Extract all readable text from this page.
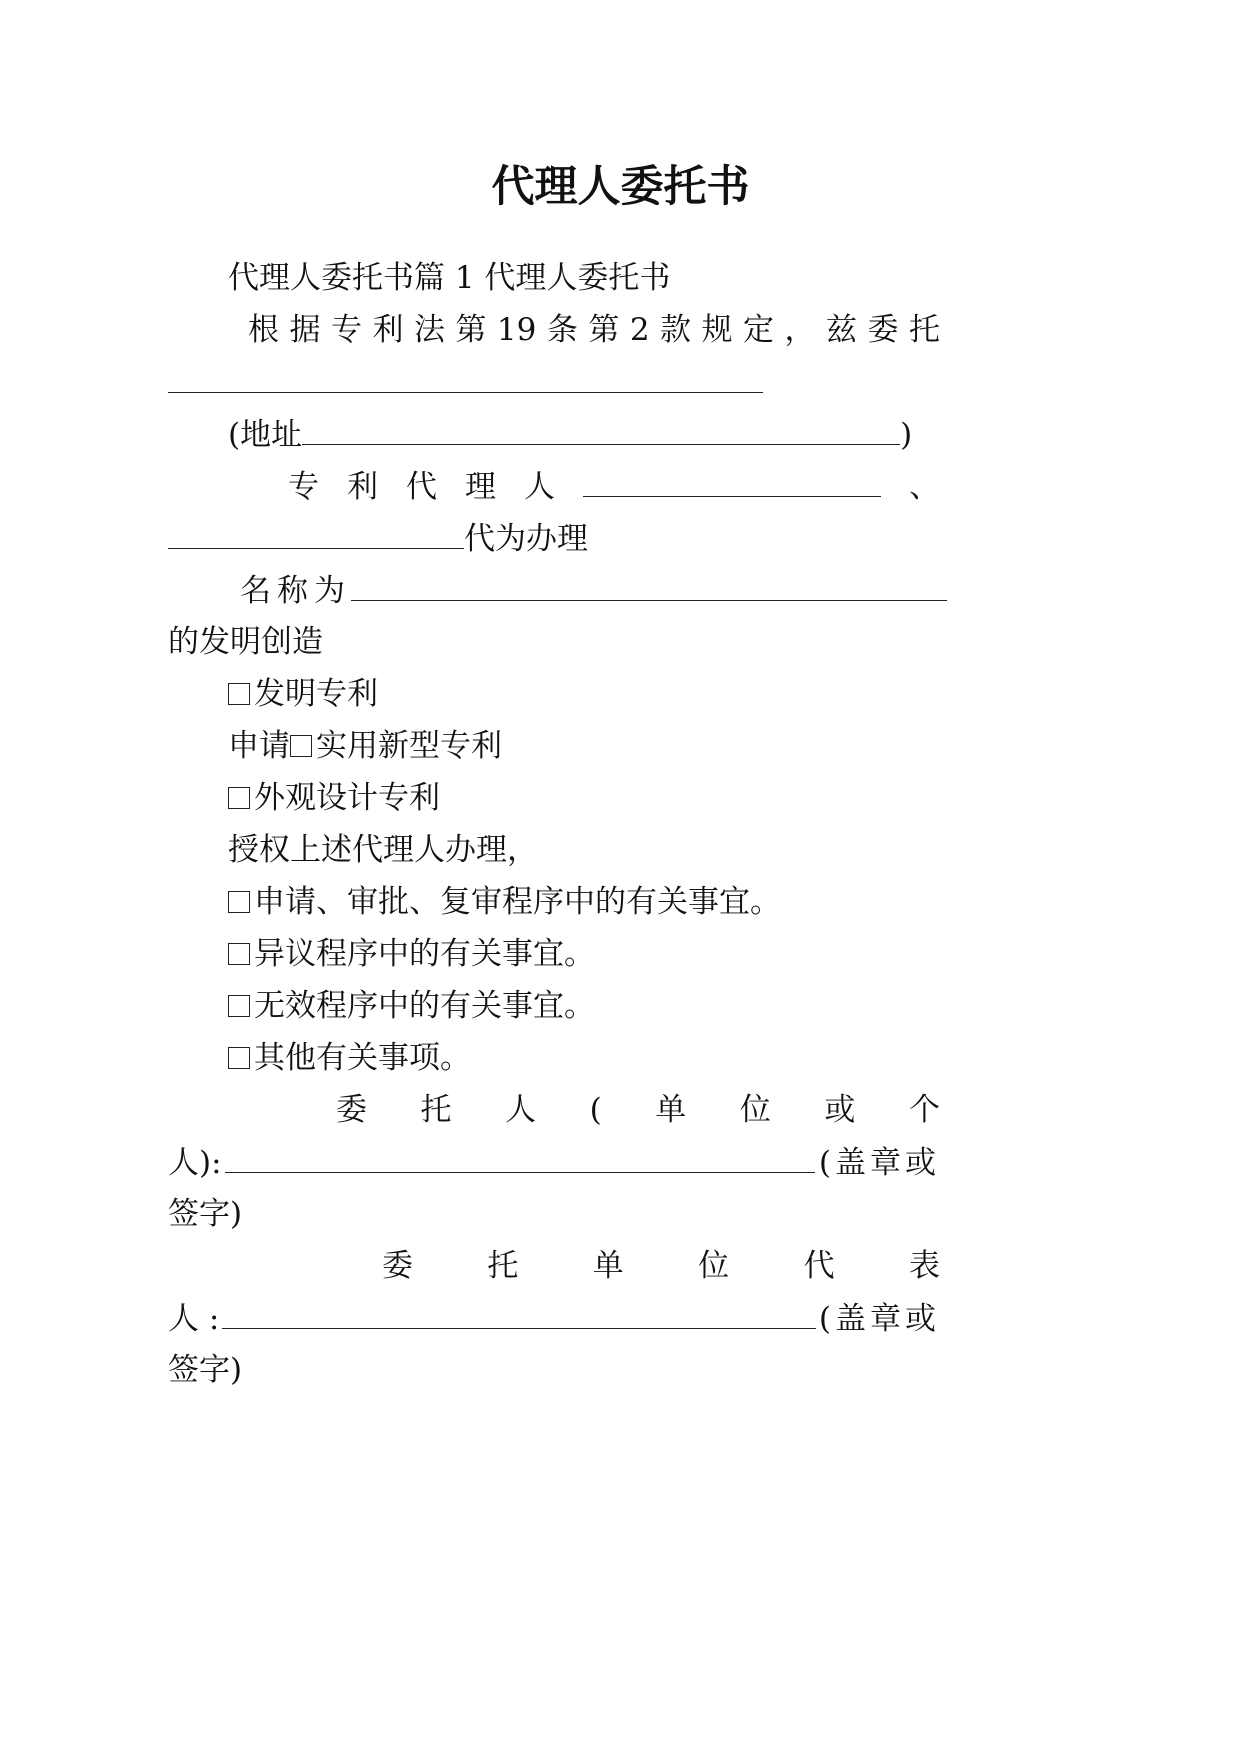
代理人委托书
代理人委托书篇 1 代理人委托书
根 据 专 利 法 第 19 条 第 2 款 规 定 ， 兹 委 托
(地址	)
专 利 代 理 人	、
代为办理
名称为
的发明创造
发明专利
申请 实用新型专利
外观设计专利
授权上述代理人办理，
申请、审批、复审程序中的有关事宜。
异议程序中的有关事宜。
无效程序中的有关事宜。
其他有关事项。
委 托 人 ( 单 位 或 个
人):	(盖章或
签字)
委 托 单 位 代 表
人 :	(盖章或
签字)
